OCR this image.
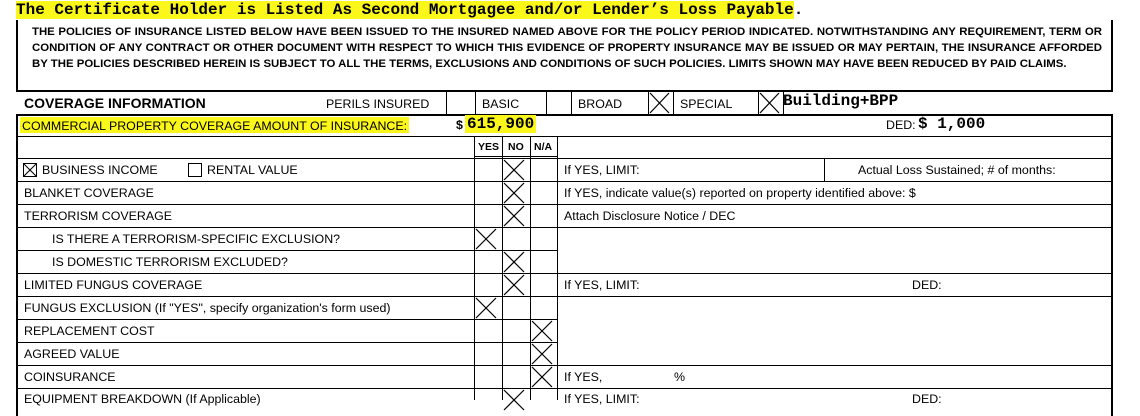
The Certificate Holder is Listed As Second Mortgagee and/or Lender’s Loss Payable.

THE POLICIES OF INSURANCE LISTED BELOW HAVE BEEN ISSUED TO THE INSURED NAMED ABOVE FOR THE POLICY PERIOD INDICATED. NOTWITHSTANDING ANY REQUIREMENT, TERM OR CONDITION OF ANY CONTRACT OR OTHER DOCUMENT WITH RESPECT TO WHICH THIS EVIDENCE OF PROPERTY INSURANCE MAY BE ISSUED OR MAY PERTAIN, THE INSURANCE AFFORDED BY THE POLICIES DESCRIBED HEREIN IS SUBJECT TO ALL THE TERMS, EXCLUSIONS AND CONDITIONS OF SUCH POLICIES. LIMITS SHOWN MAY HAVE BEEN REDUCED BY PAID CLAIMS.

COVERAGE INFORMATION	PERILS INSURED	BASIC	BROAD	SPECIAL	Building+BPP
COMMERCIAL PROPERTY COVERAGE AMOUNT OF INSURANCE:	$ 615,900	DED: $ 1,000
YES NO N/A
BUSINESS INCOME	RENTAL VALUE	If YES, LIMIT:	Actual Loss Sustained; # of months:
BLANKET COVERAGE	If YES, indicate value(s) reported on property identified above: $
TERRORISM COVERAGE	Attach Disclosure Notice / DEC
IS THERE A TERRORISM-SPECIFIC EXCLUSION?
IS DOMESTIC TERRORISM EXCLUDED?
LIMITED FUNGUS COVERAGE	If YES, LIMIT:	DED:
FUNGUS EXCLUSION (If "YES", specify organization's form used)
REPLACEMENT COST
AGREED VALUE
COINSURANCE	If YES,	%
EQUIPMENT BREAKDOWN (If Applicable)	If YES, LIMIT:	DED:
